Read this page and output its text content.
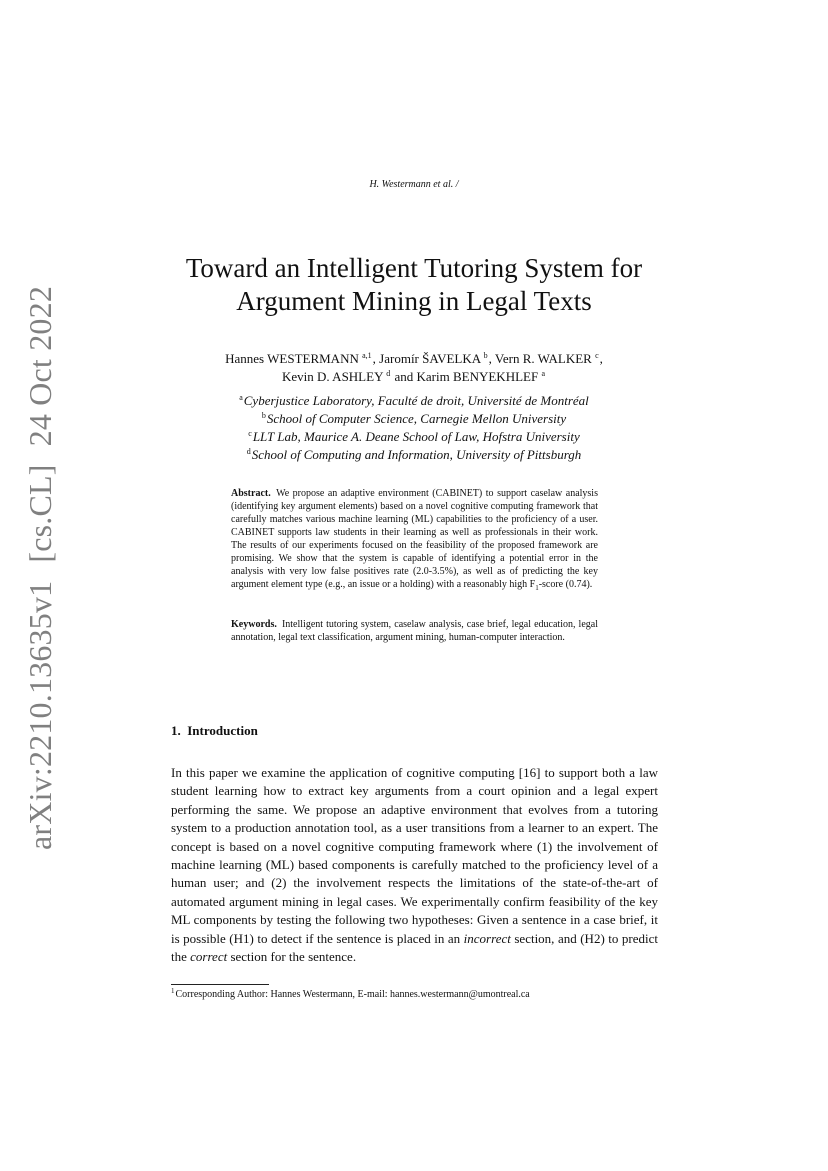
H. Westermann et al. /
arXiv:2210.13635v1[cs.CL]24 Oct 2022
Toward an Intelligent Tutoring System for
Argument Mining in Legal Texts
Hannes WESTERMANN $^{a,1}$, Jaromír ŠAVELKA $^b$, Vern R. WALKER $^c$,
Kevin D. ASHLEY $^d$ and Karim BENYEKHLEF $^a$
$^a$Cyberjustice Laboratory, Faculté de droit, Université de Montréal
$^b$School of Computer Science, Carnegie Mellon University
$^c$LLT Lab, Maurice A. Deane School of Law, Hofstra University
$^d$School of Computing and Information, University of Pittsburgh
Abstract. We propose an adaptive environment (CABINET) to support caselaw analysis (identifying key argument elements) based on a novel cognitive computing framework that carefully matches various machine learning (ML) capabilities to the proficiency of a user. CABINET supports law students in their learning as well as professionals in their work. The results of our experiments focused on the feasibility of the proposed framework are promising. We show that the system is capable of identifying a potential error in the analysis with very low false positives rate (2.0-3.5%), as well as of predicting the key argument element type (e.g., an issue or a holding) with a reasonably high $F_1$-score (0.74).
Keywords. Intelligent tutoring system, caselaw analysis, case brief, legal education, legal annotation, legal text classification, argument mining, human-computer interaction.
1. Introduction
In this paper we examine the application of cognitive computing [16] to support both a law student learning how to extract key arguments from a court opinion and a legal expert performing the same. We propose an adaptive environment that evolves from a tutoring system to a production annotation tool, as a user transitions from a learner to an expert. The concept is based on a novel cognitive computing framework where (1) the involvement of machine learning (ML) based components is carefully matched to the proficiency level of a human user; and (2) the involvement respects the limitations of the state-of-the-art of automated argument mining in legal cases. We experimentally confirm feasibility of the key ML components by testing the following two hypotheses: Given a sentence in a case brief, it is possible (H1) to detect if the sentence is placed in an incorrect section, and (H2) to predict the correct section for the sentence.
$^1$Corresponding Author: Hannes Westermann, E-mail: hannes.westermann@umontreal.ca
